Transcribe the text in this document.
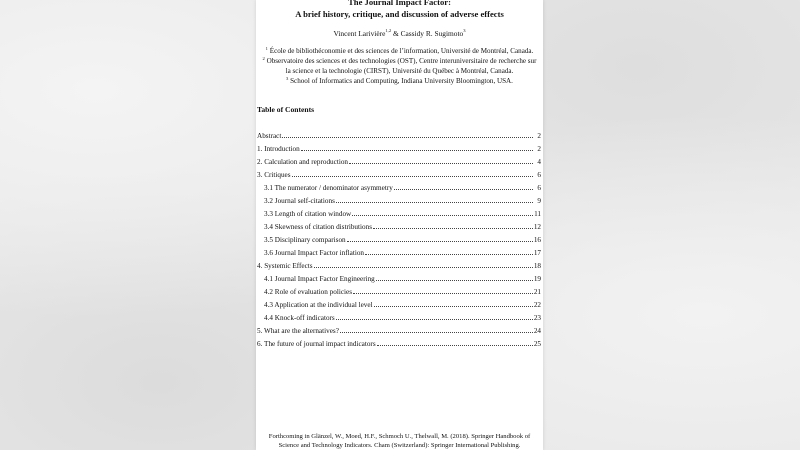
The Journal Impact Factor:
A brief history, critique, and discussion of adverse effects
Vincent Larivière$^{1,2}$ & Cassidy R. Sugimoto$^3$
$^1$ École de bibliothéconomie et des sciences de l’information, Université de Montréal, Canada.
$^2$ Observatoire des sciences et des technologies (OST), Centre interuniversitaire de recherche sur
la science et la technologie (CIRST), Université du Québec à Montréal, Canada.
$^3$ School of Informatics and Computing, Indiana University Bloomington, USA.
Table of Contents
Abstract	2
1. Introduction	2
2. Calculation and reproduction	4
3. Critiques	6
3.1 The numerator / denominator asymmetry	6
3.2 Journal self-citations	9
3.3 Length of citation window	11
3.4 Skewness of citation distributions	12
3.5 Disciplinary comparison	16
3.6 Journal Impact Factor inflation	17
4. Systemic Effects	18
4.1 Journal Impact Factor Engineering	19
4.2 Role of evaluation policies	21
4.3 Application at the individual level	22
4.4 Knock-off indicators	23
5. What are the alternatives?	24
6. The future of journal impact indicators	25
Forthcoming in Glänzel, W., Moed, H.F., Schmoch U., Thelwall, M. (2018). Springer Handbook of
Science and Technology Indicators. Cham (Switzerland): Springer International Publishing.
